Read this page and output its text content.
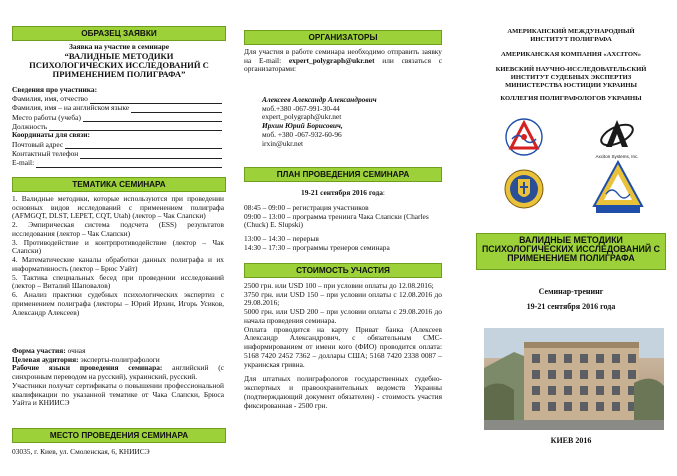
ОБРАЗЕЦ ЗАЯВКИ
Заявка на участие в семинаре
“ВАЛИДНЫЕ МЕТОДИКИ
ПСИХОЛОГИЧЕСКИХ ИССЛЕДОВАНИЙ С
ПРИМЕНЕНИЕМ ПОЛИГРАФА”
Сведения про участника:
Фамилия, имя, отчество
Фамилия, имя – на английском языке
Место работы (учеба)
Должность
Координаты для связи:
Почтовый адрес
Контактный телефон
E-mail:
ТЕМАТИКА СЕМИНАРА

1. Валидные методики, которые используются при проведении основных видов исследований с применением полиграфа (AFMGQT, DLST, LEPET, CQT, Utah) (лектор – Чак Слапски)

2. Эмпирическая система подсчета (ESS) результатов исследования (лектор – Чак Слапски)

3. Противодействие и контрпротиводействие (лектор – Чак Слапски)

4. Математические каналы обработки данных полиграфа и их информативность (лектор – Брюс Уайт)

5. Тактика специальных бесед при проведении исследований (лектор – Виталий Шаповалов)

6. Анализ практики судебных психологических экспертиз с применением полиграфа (лекторы – Юрий Ирхин, Игорь Усиков, Александр Алексеев)

Форма участия: очная

Целевая аудитория: эксперты-полиграфологи

Рабочие языки проведения семинара: английский (с синхронным переводом на русский), украинский, русский.

Участники получат сертификаты о повышении профессиональной квалификации по указанной тематике от Чака Слапски, Брюса Уайта и КНИИСЭ

МЕСТО ПРОВЕДЕНИЯ СЕМИНАРА
03035, г. Киев, ул. Смоленская, 6, КНИИСЭ
ОРГАНИЗАТОРЫ
Для участия в работе семинара необходимо отправить заявку на E-mail: expert_polygraph@ukr.net или связаться с организаторами:
Алексеев Александр Александрович
моб.+380 -067-991-30-44
expert_polygraph@ukr.net
Ирхин Юрий Борисович,
моб. +380 -067-932-60-96
irxin@ukr.net
ПЛАН ПРОВЕДЕНИЯ СЕМИНАРА
19-21 сентября 2016 года:

08:45 – 09:00 – регистрация участников

09:00 – 13:00 – программа тренинга Чака Слапски (Charles (Chuck) E. Slupski)

13:00 – 14:30 – перерыв

14:30 – 17:30 – программы тренеров семинара

СТОИМОСТЬ УЧАСТИЯ

2500 грн. или USD 100 – при условии оплаты до 12.08.2016;

3750 грн. или USD 150 – при условии оплаты с 12.08.2016 до 29.08.2016;

5000 грн. или USD 200 – при условии оплаты с 29.08.2016 до начала проведения семинара.

Оплата проводится на карту Приват банка (Алексеев Александр Александрович, с обязательным СМС-информированием от имени кого (ФИО) проводится оплата: 5168 7420 2452 7362 – доллары США; 5168 7420 2338 0087 – украинская гривна.

Для штатных полиграфологов государственных судебно-экспертных и правоохранительных ведомств Украины (подтверждающий документ обязателен) - стоимость участия фиксированная - 2500 грн.

АМЕРИКАНСКИЙ МЕЖДУНАРОДНЫЙ
ИНСТИТУТ ПОЛИГРАФА
АМЕРИКАНСКАЯ КОМПАНИЯ «AXCITON»
КИЕВСКИЙ НАУЧНО-ИССЛЕДОВАТЕЛЬСКИЙ
ИНСТИТУТ СУДЕБНЫХ ЭКСПЕРТИЗ
МИНИСТЕРСТВА ЮСТИЦИИ УКРАИНЫ
КОЛЛЕГИЯ ПОЛИГРАФОЛОГОВ УКРАИНЫ
Axciton Systems, Inc.
ВАЛИДНЫЕ МЕТОДИКИ
ПСИХОЛОГИЧЕСКИХ ИССЛЕДОВАНИЙ С
ПРИМЕНЕНИЕМ ПОЛИГРАФА
Семинар-тренинг
19-21 сентября 2016 года
КИЕВ 2016
